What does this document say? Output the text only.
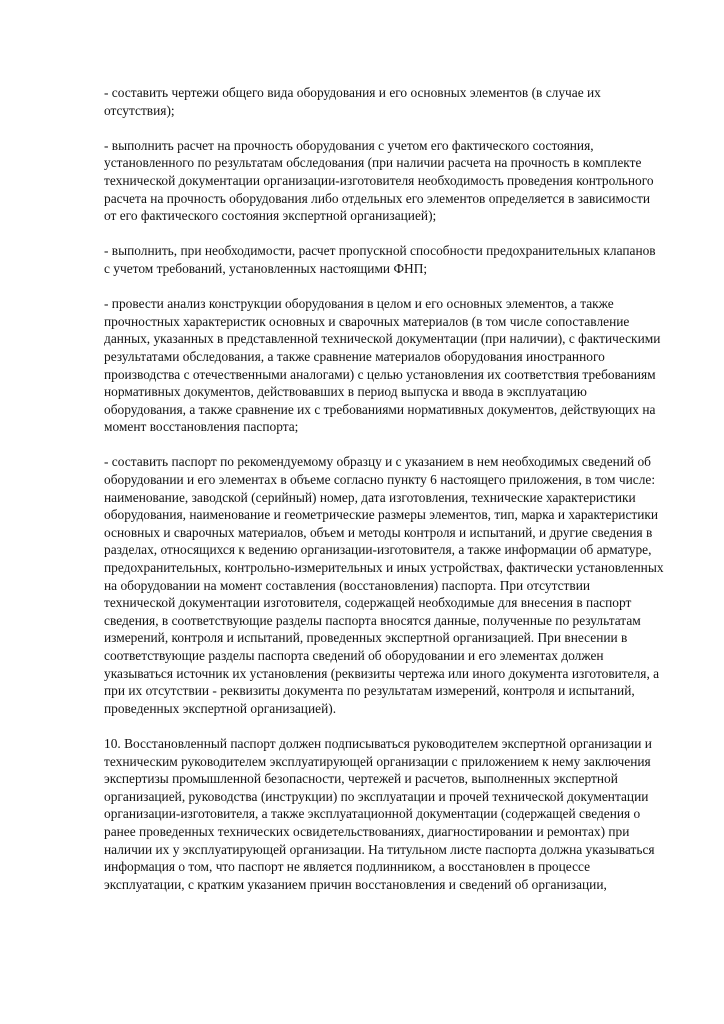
- составить чертежи общего вида оборудования и его основных элементов (в случае их отсутствия);

- выполнить расчет на прочность оборудования с учетом его фактического состояния, установленного по результатам обследования (при наличии расчета на прочность в комплекте технической документации организации-изготовителя необходимость проведения контрольного расчета на прочность оборудования либо отдельных его элементов определяется в зависимости от его фактического состояния экспертной организацией);

- выполнить, при необходимости, расчет пропускной способности предохранительных клапанов с учетом требований, установленных настоящими ФНП;

- провести анализ конструкции оборудования в целом и его основных элементов, а также прочностных характеристик основных и сварочных материалов (в том числе сопоставление данных, указанных в представленной технической документации (при наличии), с фактическими результатами обследования, а также сравнение материалов оборудования иностранного производства с отечественными аналогами) с целью установления их соответствия требованиям нормативных документов, действовавших в период выпуска и ввода в эксплуатацию оборудования, а также сравнение их с требованиями нормативных документов, действующих на момент восстановления паспорта;

- составить паспорт по рекомендуемому образцу и с указанием в нем необходимых сведений об оборудовании и его элементах в объеме согласно пункту 6 настоящего приложения, в том числе: наименование, заводской (серийный) номер, дата изготовления, технические характеристики оборудования, наименование и геометрические размеры элементов, тип, марка и характеристики основных и сварочных материалов, объем и методы контроля и испытаний, и другие сведения в разделах, относящихся к ведению организации-изготовителя, а также информации об арматуре, предохранительных, контрольно-измерительных и иных устройствах, фактически установленных на оборудовании на момент составления (восстановления) паспорта. При отсутствии технической документации изготовителя, содержащей необходимые для внесения в паспорт сведения, в соответствующие разделы паспорта вносятся данные, полученные по результатам измерений, контроля и испытаний, проведенных экспертной организацией. При внесении в соответствующие разделы паспорта сведений об оборудовании и его элементах должен указываться источник их установления (реквизиты чертежа или иного документа изготовителя, а при их отсутствии - реквизиты документа по результатам измерений, контроля и испытаний, проведенных экспертной организацией).

10. Восстановленный паспорт должен подписываться руководителем экспертной организации и техническим руководителем эксплуатирующей организации с приложением к нему заключения экспертизы промышленной безопасности, чертежей и расчетов, выполненных экспертной организацией, руководства (инструкции) по эксплуатации и прочей технической документации организации-изготовителя, а также эксплуатационной документации (содержащей сведения о ранее проведенных технических освидетельствованиях, диагностировании и ремонтах) при наличии их у эксплуатирующей организации. На титульном листе паспорта должна указываться информация о том, что паспорт не является подлинником, а восстановлен в процессе эксплуатации, с кратким указанием причин восстановления и сведений об организации,
